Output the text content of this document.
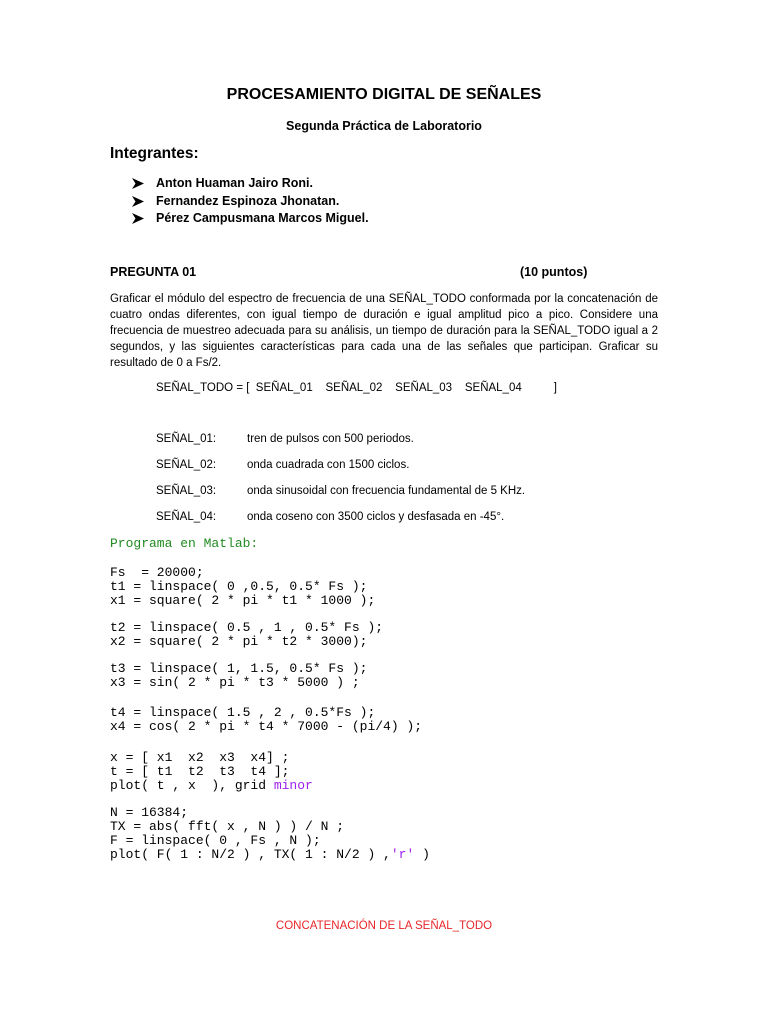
PROCESAMIENTO DIGITAL DE SEÑALES
Segunda Práctica de Laboratorio
Integrantes:
Anton Huaman Jairo Roni.
Fernandez Espinoza Jhonatan.
Pérez Campusmana Marcos Miguel.
PREGUNTA 01	(10 puntos)
Graficar el módulo del espectro de frecuencia de una SEÑAL_TODO conformada por la concatenación de cuatro ondas diferentes, con igual tiempo de duración e igual amplitud pico a pico. Considere una frecuencia de muestreo adecuada para su análisis, un tiempo de duración para la SEÑAL_TODO igual a 2 segundos, y las siguientes características para cada una de las señales que participan. Graficar su resultado de 0 a Fs/2.
SEÑAL_TODO = [  SEÑAL_01    SEÑAL_02    SEÑAL_03    SEÑAL_04          ]
SEÑAL_01:	tren de pulsos con 500 periodos.
SEÑAL_02:	onda cuadrada con 1500 ciclos.
SEÑAL_03:	onda sinusoidal con frecuencia fundamental de 5 KHz.
SEÑAL_04:	onda coseno con 3500 ciclos y desfasada en -45°.
Programa en Matlab:
Fs  = 20000;
t1 = linspace( 0 ,0.5, 0.5* Fs );
x1 = square( 2 * pi * t1 * 1000 );
t2 = linspace( 0.5 , 1 , 0.5* Fs );
x2 = square( 2 * pi * t2 * 3000);
t3 = linspace( 1, 1.5, 0.5* Fs );
x3 = sin( 2 * pi * t3 * 5000 ) ;
t4 = linspace( 1.5 , 2 , 0.5*Fs );
x4 = cos( 2 * pi * t4 * 7000 - (pi/4) );
x = [ x1  x2  x3  x4] ;
t = [ t1  t2  t3  t4 ];
plot( t , x  ), grid minor
N = 16384;
TX = abs( fft( x , N ) ) / N ;
F = linspace( 0 , Fs , N );
plot( F( 1 : N/2 ) , TX( 1 : N/2 ) ,'r' )
CONCATENACIÓN DE LA SEÑAL_TODO
